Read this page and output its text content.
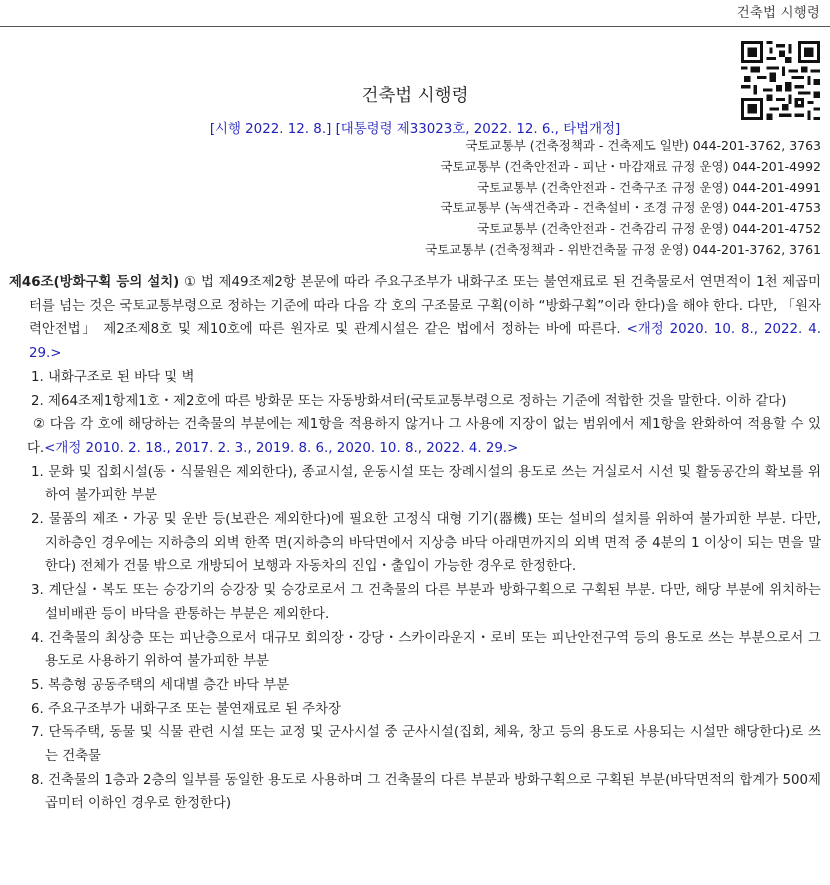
건축법 시행령
건축법 시행령
[시행 2022. 12. 8.] [대통령령 제33023호, 2022. 12. 6., 타법개정]
국토교통부 (건축정책과 - 건축제도 일반) 044-201-3762, 3763
국토교통부 (건축안전과 - 피난・마감재료 규정 운영) 044-201-4992
국토교통부 (건축안전과 - 건축구조 규정 운영) 044-201-4991
국토교통부 (녹색건축과 - 건축설비・조경 규정 운영) 044-201-4753
국토교통부 (건축안전과 - 건축감리 규정 운영) 044-201-4752
국토교통부 (건축정책과 - 위반건축물 규정 운영) 044-201-3762, 3761

제46조(방화구획 등의 설치) ① 법 제49조제2항 본문에 따라 주요구조부가 내화구조 또는 불연재료로 된 건축물로서 연면적이 1천 제곱미터를 넘는 것은 국토교통부령으로 정하는 기준에 따라 다음 각 호의 구조물로 구획(이하 “방화구획”이라 한다)을 해야 한다. 다만, 「원자력안전법」 제2조제8호 및 제10호에 따른 원자로 및 관계시설은 같은 법에서 정하는 바에 따른다. <개정 2020. 10. 8., 2022. 4. 29.>

1. 내화구조로 된 바닥 및 벽

2. 제64조제1항제1호・제2호에 따른 방화문 또는 자동방화셔터(국토교통부령으로 정하는 기준에 적합한 것을 말한다. 이하 같다)

② 다음 각 호에 해당하는 건축물의 부분에는 제1항을 적용하지 않거나 그 사용에 지장이 없는 범위에서 제1항을 완화하여 적용할 수 있다.<개정 2010. 2. 18., 2017. 2. 3., 2019. 8. 6., 2020. 10. 8., 2022. 4. 29.>

1. 문화 및 집회시설(동・식물원은 제외한다), 종교시설, 운동시설 또는 장례시설의 용도로 쓰는 거실로서 시선 및 활동공간의 확보를 위하여 불가피한 부분

2. 물품의 제조・가공 및 운반 등(보관은 제외한다)에 필요한 고정식 대형 기기(器機) 또는 설비의 설치를 위하여 불가피한 부분. 다만, 지하층인 경우에는 지하층의 외벽 한쪽 면(지하층의 바닥면에서 지상층 바닥 아래면까지의 외벽 면적 중 4분의 1 이상이 되는 면을 말한다) 전체가 건물 밖으로 개방되어 보행과 자동차의 진입・출입이 가능한 경우로 한정한다.

3. 계단실・복도 또는 승강기의 승강장 및 승강로로서 그 건축물의 다른 부분과 방화구획으로 구획된 부분. 다만, 해당 부분에 위치하는 설비배관 등이 바닥을 관통하는 부분은 제외한다.

4. 건축물의 최상층 또는 피난층으로서 대규모 회의장・강당・스카이라운지・로비 또는 피난안전구역 등의 용도로 쓰는 부분으로서 그 용도로 사용하기 위하여 불가피한 부분

5. 복층형 공동주택의 세대별 층간 바닥 부분

6. 주요구조부가 내화구조 또는 불연재료로 된 주차장

7. 단독주택, 동물 및 식물 관련 시설 또는 교정 및 군사시설 중 군사시설(집회, 체육, 창고 등의 용도로 사용되는 시설만 해당한다)로 쓰는 건축물

8. 건축물의 1층과 2층의 일부를 동일한 용도로 사용하며 그 건축물의 다른 부분과 방화구획으로 구획된 부분(바닥면적의 합계가 500제곱미터 이하인 경우로 한정한다)
